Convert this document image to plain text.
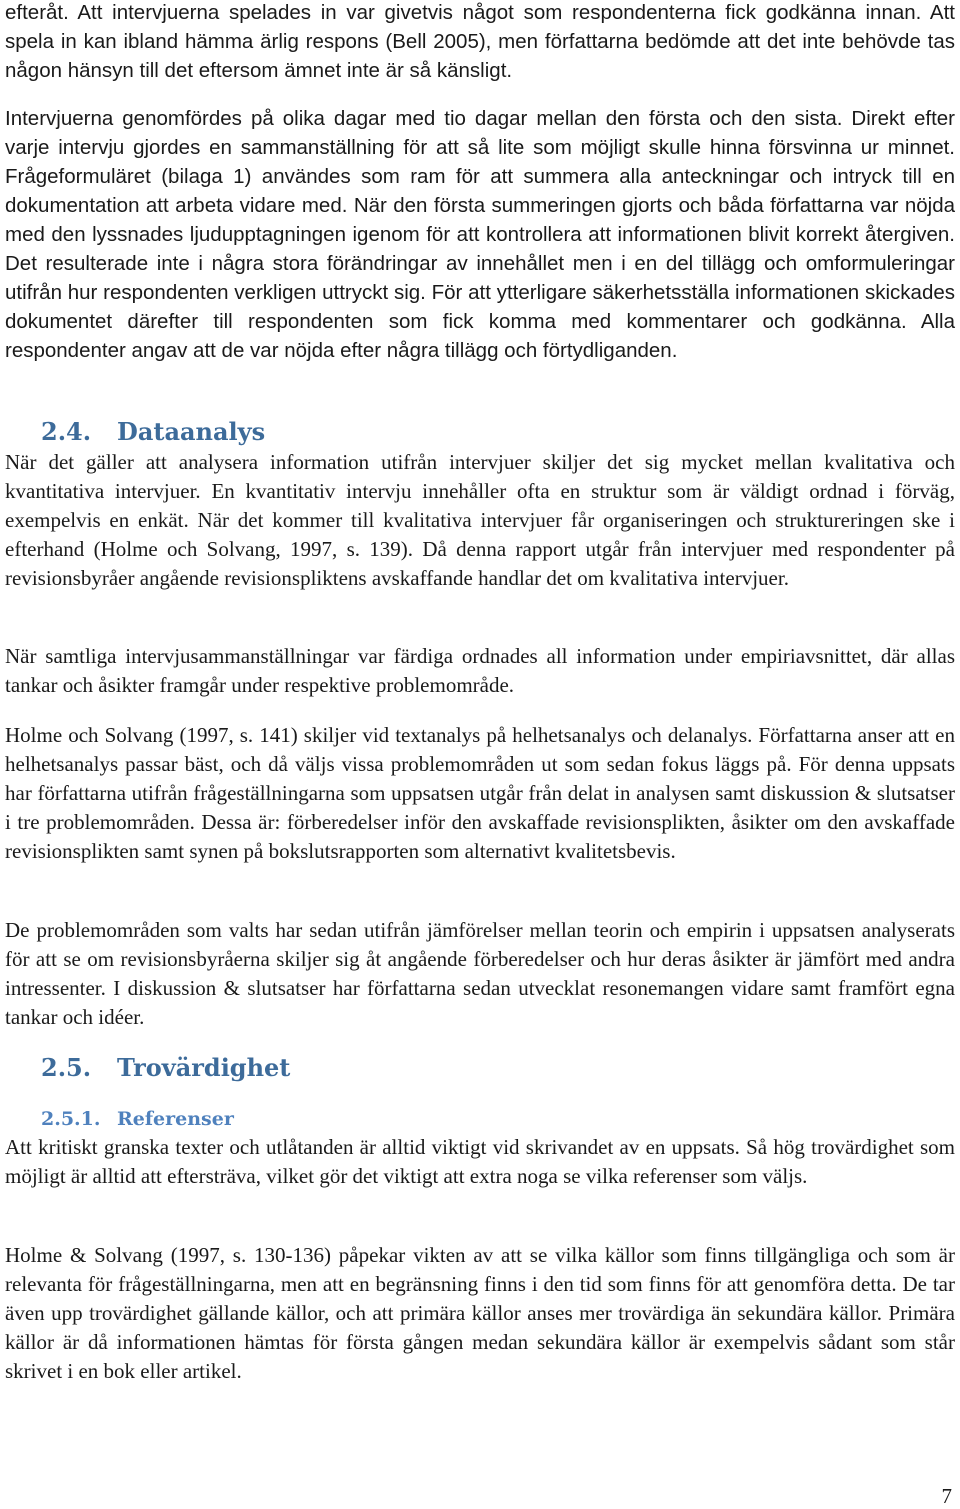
efteråt. Att intervjuerna spelades in var givetvis något som respondenterna fick godkänna innan. Att spela in kan ibland hämma ärlig respons (Bell 2005), men författarna bedömde att det inte behövde tas någon hänsyn till det eftersom ämnet inte är så känsligt.

Intervjuerna genomfördes på olika dagar med tio dagar mellan den första och den sista. Direkt efter varje intervju gjordes en sammanställning för att så lite som möjligt skulle hinna försvinna ur minnet. Frågeformuläret (bilaga 1) användes som ram för att summera alla anteckningar och intryck till en dokumentation att arbeta vidare med. När den första summeringen gjorts och båda författarna var nöjda med den lyssnades ljudupptagningen igenom för att kontrollera att informationen blivit korrekt återgiven. Det resulterade inte i några stora förändringar av innehållet men i en del tillägg och omformuleringar utifrån hur respondenten verkligen uttryckt sig. För att ytterligare säkerhetsställa informationen skickades dokumentet därefter till respondenten som fick komma med kommentarer och godkänna. Alla respondenter angav att de var nöjda efter några tillägg och förtydliganden.

2.4. Dataanalys

När det gäller att analysera information utifrån intervjuer skiljer det sig mycket mellan kvalitativa och kvantitativa intervjuer. En kvantitativ intervju innehåller ofta en struktur som är väldigt ordnad i förväg, exempelvis en enkät. När det kommer till kvalitativa intervjuer får organiseringen och struktureringen ske i efterhand (Holme och Solvang, 1997, s. 139). Då denna rapport utgår från intervjuer med respondenter på revisionsbyråer angående revisionspliktens avskaffande handlar det om kvalitativa intervjuer.

När samtliga intervjusammanställningar var färdiga ordnades all information under empiriavsnittet, där allas tankar och åsikter framgår under respektive problemområde.

Holme och Solvang (1997, s. 141) skiljer vid textanalys på helhetsanalys och delanalys. Författarna anser att en helhetsanalys passar bäst, och då väljs vissa problemområden ut som sedan fokus läggs på. För denna uppsats har författarna utifrån frågeställningarna som uppsatsen utgår från delat in analysen samt diskussion & slutsatser i tre problemområden. Dessa är: förberedelser inför den avskaffade revisionsplikten, åsikter om den avskaffade revisionsplikten samt synen på bokslutsrapporten som alternativt kvalitetsbevis.

De problemområden som valts har sedan utifrån jämförelser mellan teorin och empirin i uppsatsen analyserats för att se om revisionsbyråerna skiljer sig åt angående förberedelser och hur deras åsikter är jämfört med andra intressenter. I diskussion & slutsatser har författarna sedan utvecklat resonemangen vidare samt framfört egna tankar och idéer.

2.5. Trovärdighet
2.5.1. Referenser

Att kritiskt granska texter och utlåtanden är alltid viktigt vid skrivandet av en uppsats. Så hög trovärdighet som möjligt är alltid att eftersträva, vilket gör det viktigt att extra noga se vilka referenser som väljs.

Holme & Solvang (1997, s. 130-136) påpekar vikten av att se vilka källor som finns tillgängliga och som är relevanta för frågeställningarna, men att en begränsning finns i den tid som finns för att genomföra detta. De tar även upp trovärdighet gällande källor, och att primära källor anses mer trovärdiga än sekundära källor. Primära källor är då informationen hämtas för första gången medan sekundära källor är exempelvis sådant som står skrivet i en bok eller artikel.

7
